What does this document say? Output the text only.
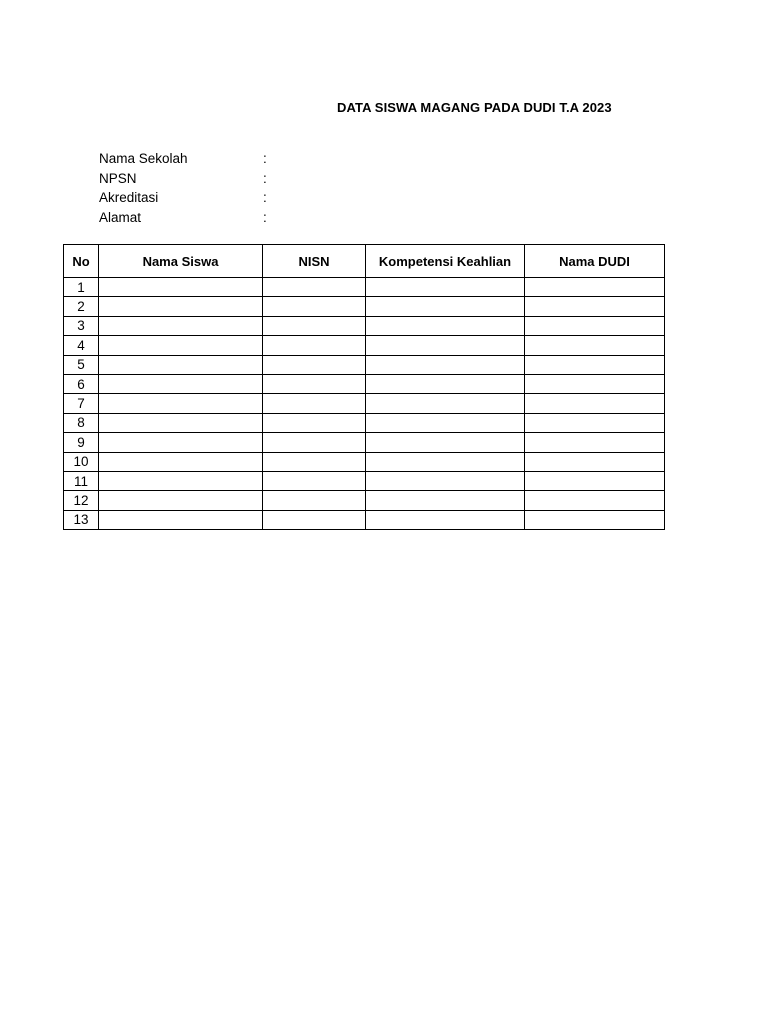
DATA SISWA MAGANG PADA DUDI T.A 2023
Nama Sekolah	:
NPSN	:
Akreditasi	:
Alamat	:
No	Nama Siswa	NISN	Kompetensi Keahlian	Nama DUDI
1				
2				
3				
4				
5				
6				
7				
8				
9				
10				
11				
12				
13				
